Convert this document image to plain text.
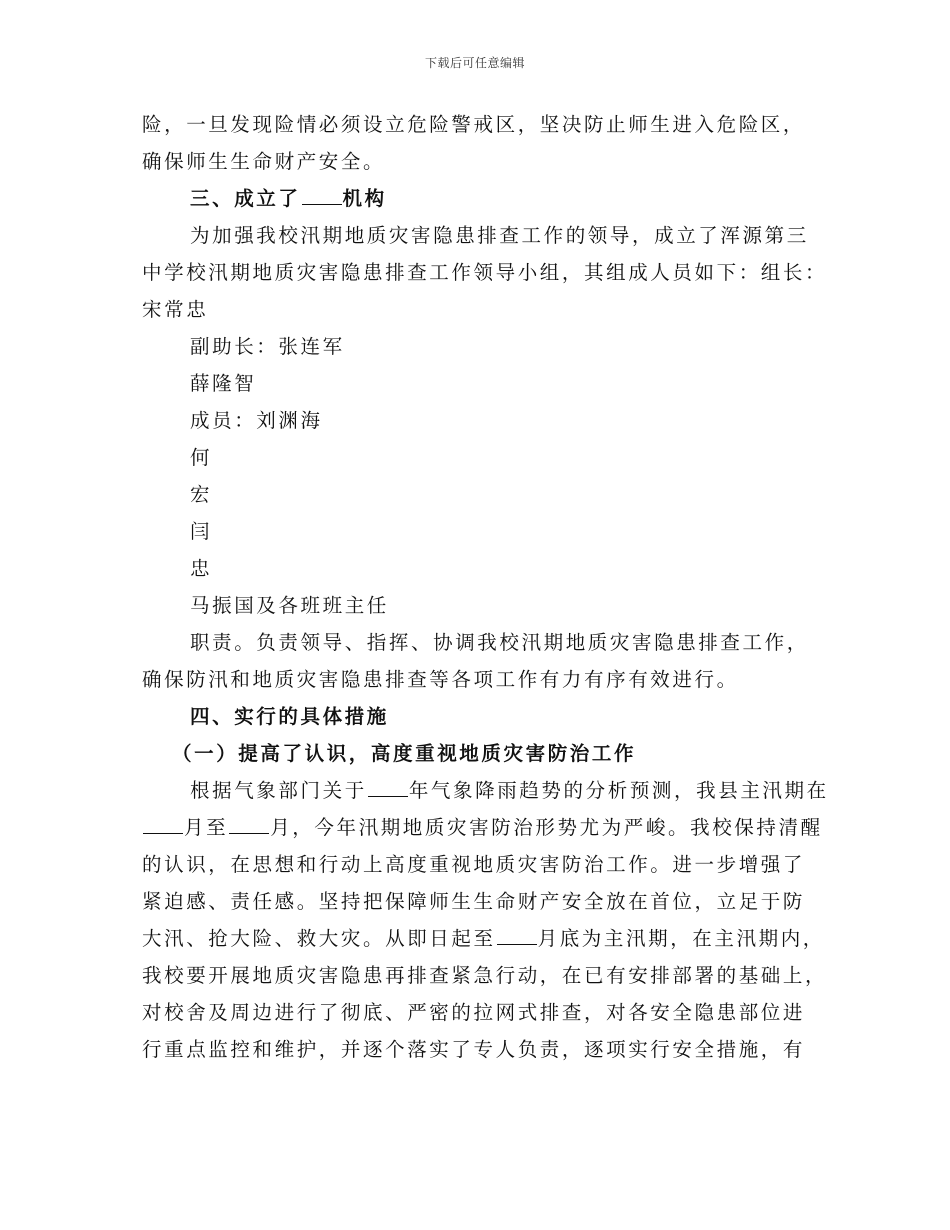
下载后可任意编辑
险，一旦发现险情必须设立危险警戒区，坚决防止师生进入危险区，
确保师生生命财产安全。
三、成立了 机构
为加强我校汛期地质灾害隐患排查工作的领导，成立了浑源第三
中学校汛期地质灾害隐患排查工作领导小组，其组成人员如下：组长：
宋常忠
副助长：张连军
薛隆智
成员：刘渊海
何
宏
闫
忠
马振国及各班班主任
职责。负责领导、指挥、协调我校汛期地质灾害隐患排查工作，
确保防汛和地质灾害隐患排查等各项工作有力有序有效进行。
四、实行的具体措施
（一）提高了认识，高度重视地质灾害防治工作
根据气象部门关于 年气象降雨趋势的分析预测，我县主汛期在
月至 月，今年汛期地质灾害防治形势尤为严峻。我校保持清醒
的认识，在思想和行动上高度重视地质灾害防治工作。进一步增强了
紧迫感、责任感。坚持把保障师生生命财产安全放在首位，立足于防
大汛、抢大险、救大灾。从即日起至 月底为主汛期，在主汛期内，
我校要开展地质灾害隐患再排查紧急行动，在已有安排部署的基础上，
对校舍及周边进行了彻底、严密的拉网式排查，对各安全隐患部位进
行重点监控和维护，并逐个落实了专人负责，逐项实行安全措施，有
